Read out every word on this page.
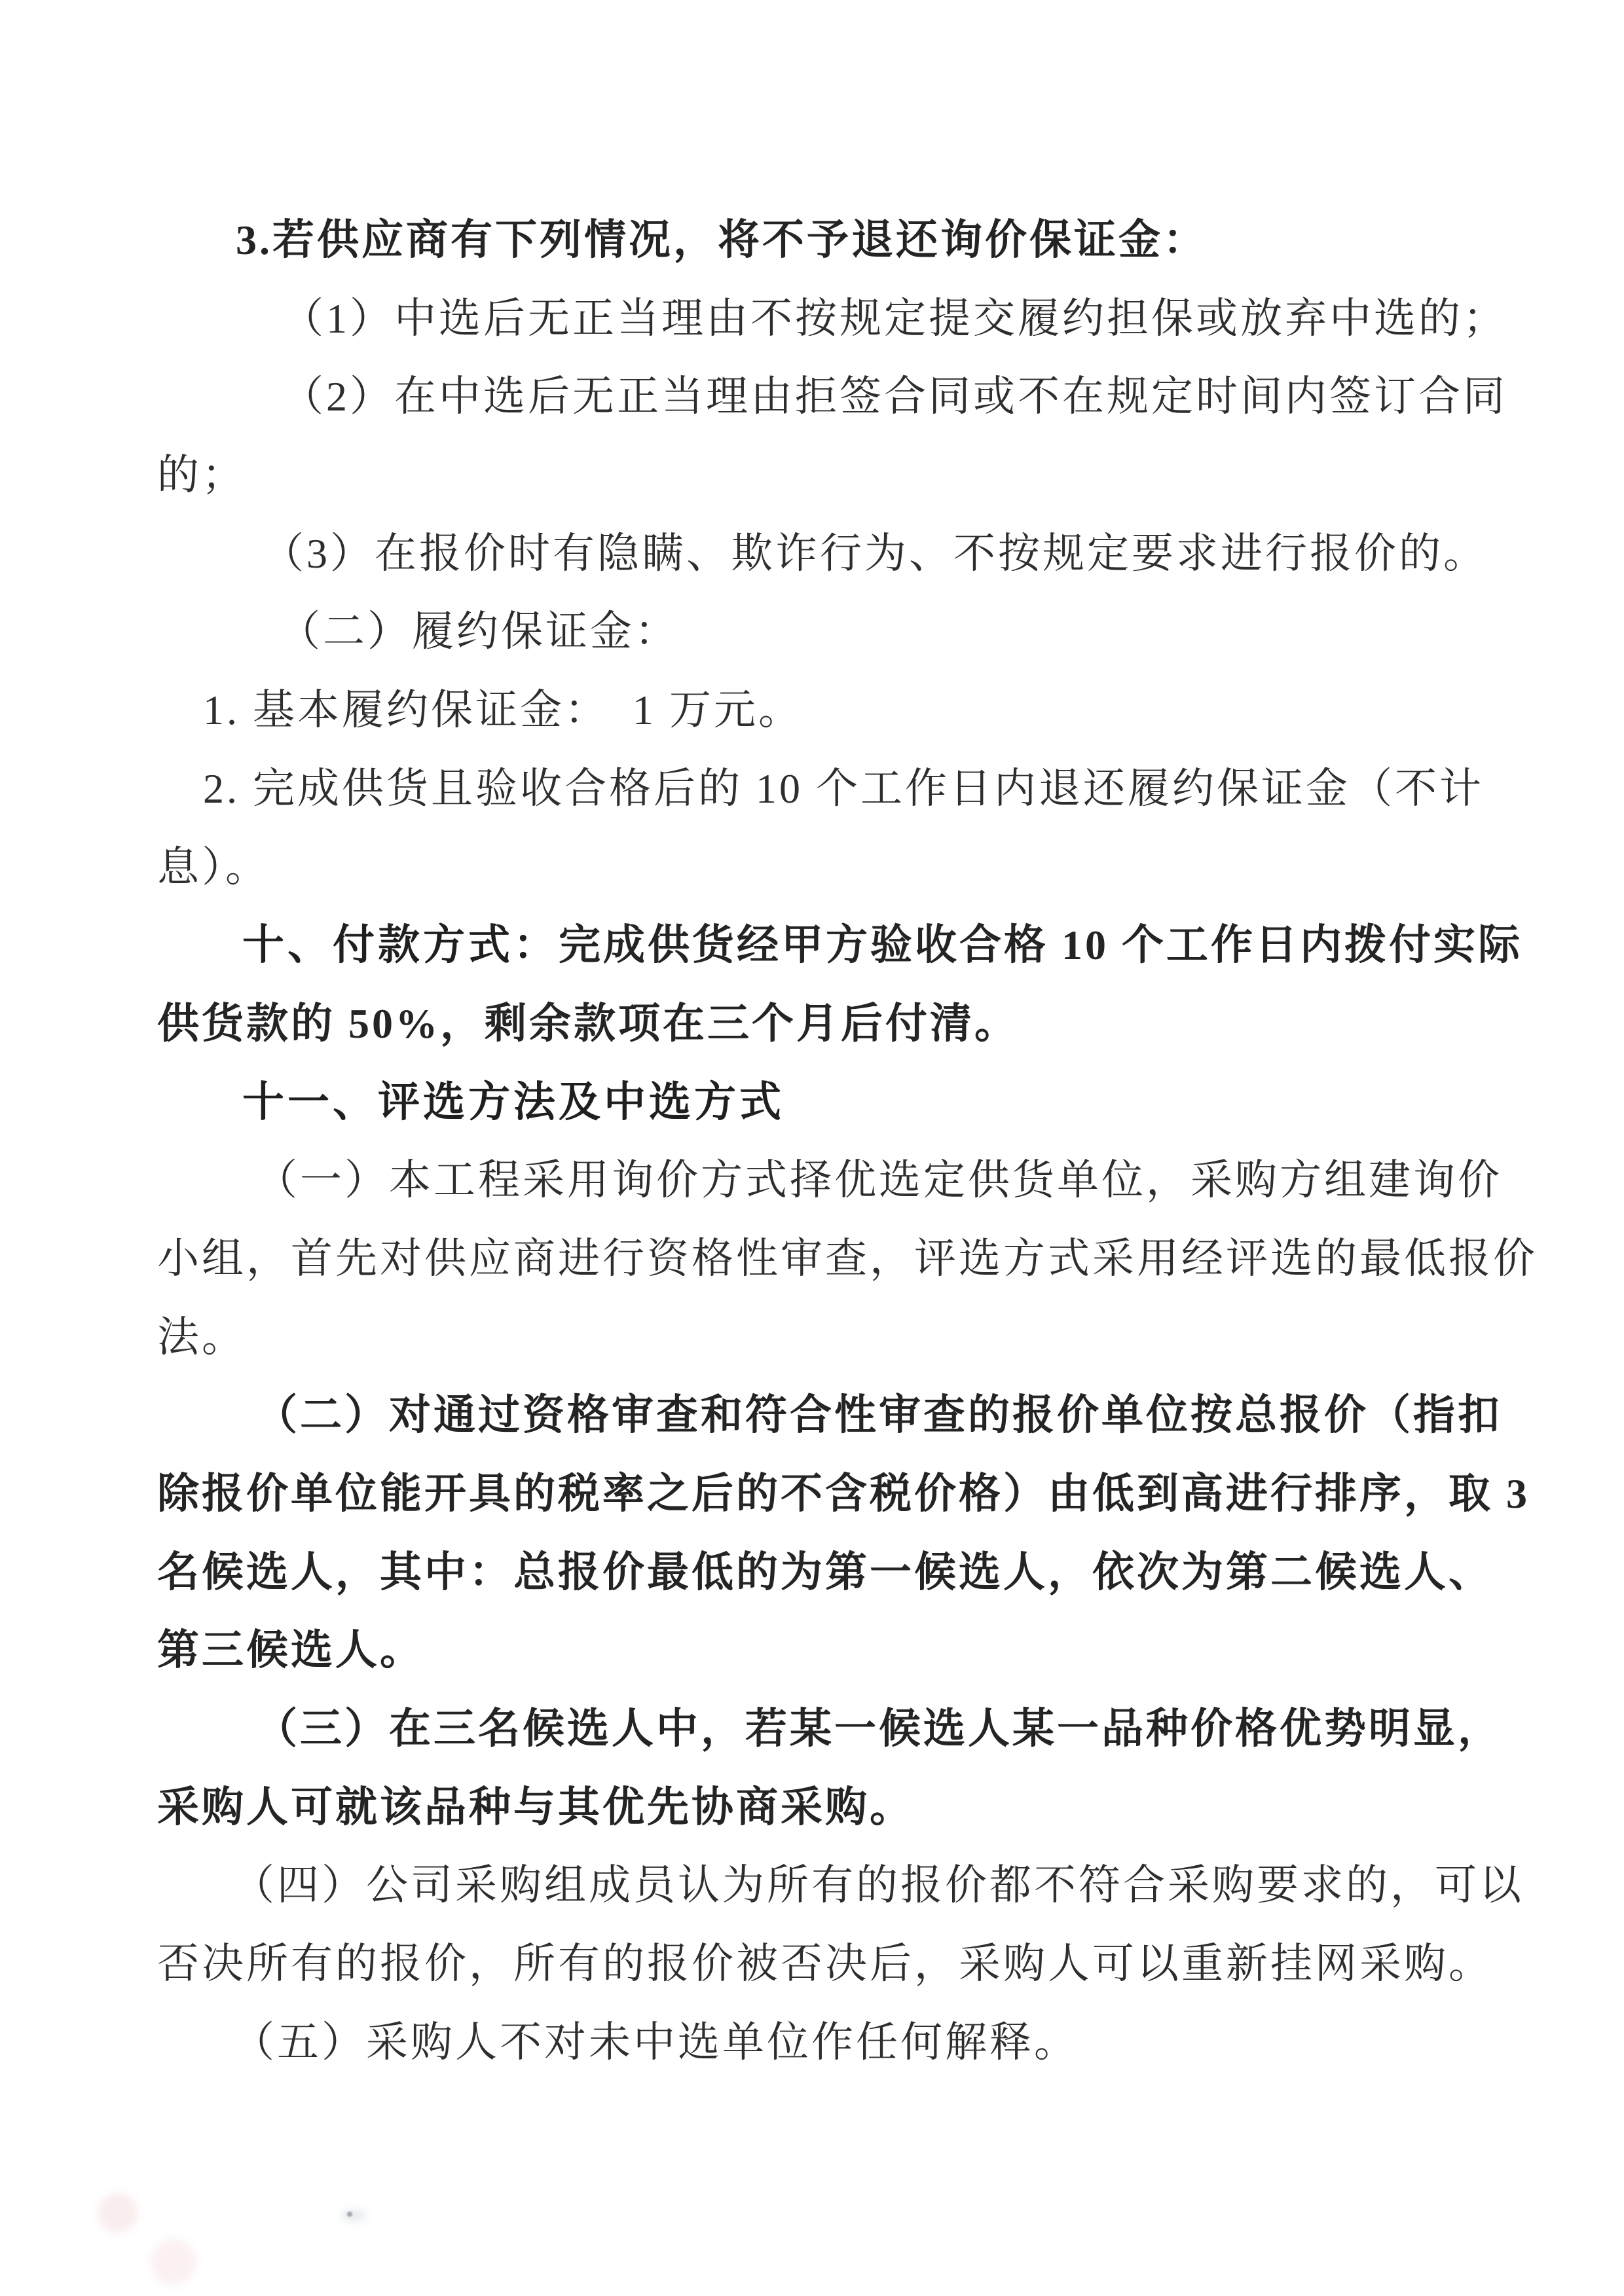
3.若供应商有下列情况，将不予退还询价保证金：
（1）中选后无正当理由不按规定提交履约担保或放弃中选的；
（2）在中选后无正当理由拒签合同或不在规定时间内签订合同
的；
（3）在报价时有隐瞒、欺诈行为、不按规定要求进行报价的。
（二）履约保证金：
1. 基本履约保证金：　1 万元。
2. 完成供货且验收合格后的 10 个工作日内退还履约保证金（不计
息）。
十、付款方式：完成供货经甲方验收合格 10 个工作日内拨付实际
供货款的 50%，剩余款项在三个月后付清。
十一、评选方法及中选方式
（一）本工程采用询价方式择优选定供货单位，采购方组建询价
小组，首先对供应商进行资格性审查，评选方式采用经评选的最低报价
法。
（二）对通过资格审查和符合性审查的报价单位按总报价（指扣
除报价单位能开具的税率之后的不含税价格）由低到高进行排序，取 3
名候选人，其中：总报价最低的为第一候选人，依次为第二候选人、
第三候选人。
（三）在三名候选人中，若某一候选人某一品种价格优势明显，
采购人可就该品种与其优先协商采购。
（四）公司采购组成员认为所有的报价都不符合采购要求的，可以
否决所有的报价，所有的报价被否决后，采购人可以重新挂网采购。
（五）采购人不对未中选单位作任何解释。
